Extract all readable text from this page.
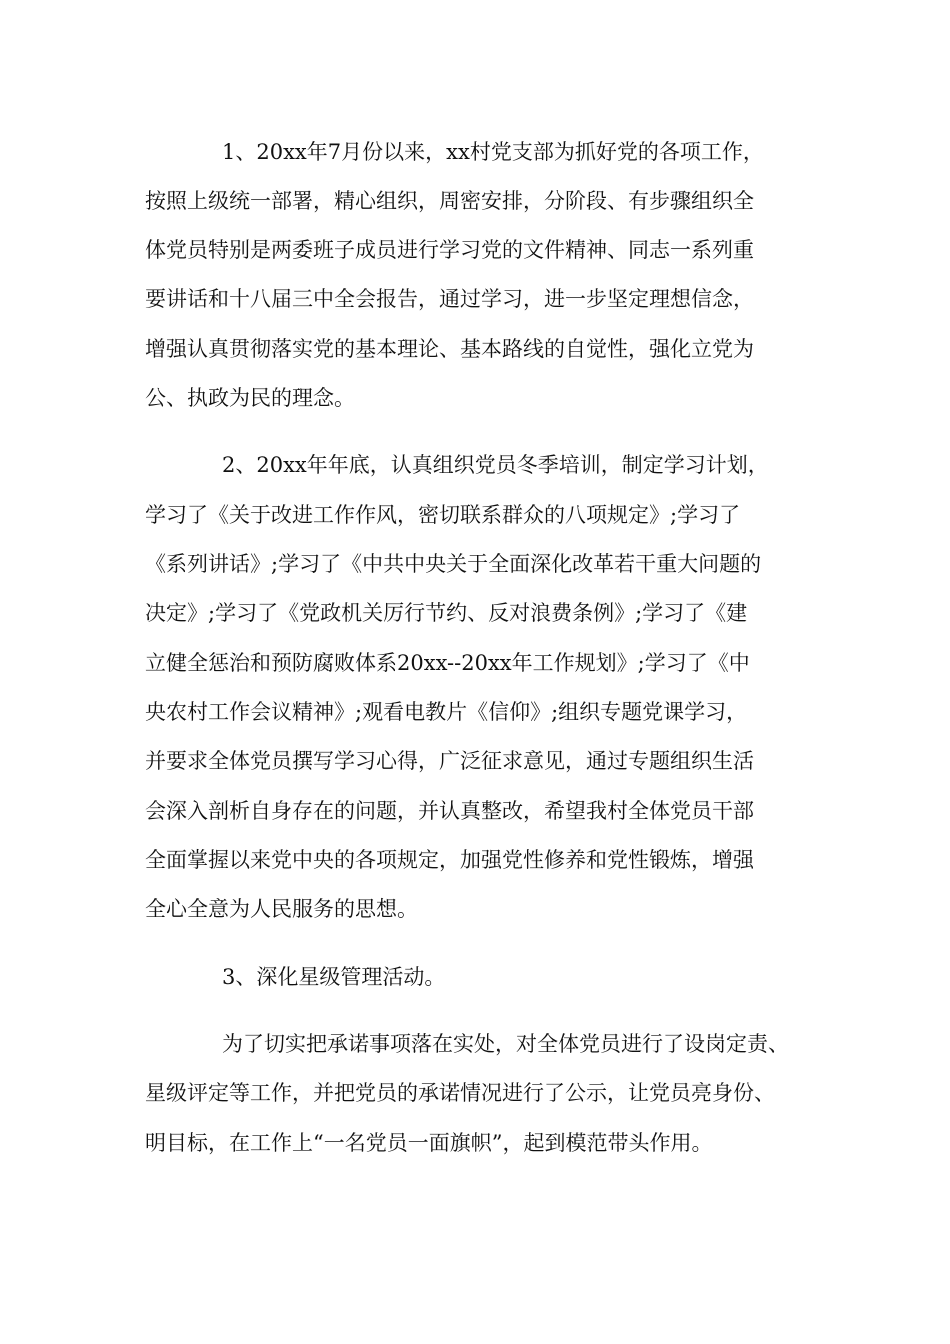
1、20xx年7月份以来，xx村党支部为抓好党的各项工作，

按照上级统一部署，精心组织，周密安排，分阶段、有步骤组织全

体党员特别是两委班子成员进行学习党的文件精神、同志一系列重

要讲话和十八届三中全会报告，通过学习，进一步坚定理想信念，

增强认真贯彻落实党的基本理论、基本路线的自觉性，强化立党为

公、执政为民的理念。

2、20xx年年底，认真组织党员冬季培训，制定学习计划，

学习了《关于改进工作作风，密切联系群众的八项规定》;学习了

《系列讲话》;学习了《中共中央关于全面深化改革若干重大问题的

决定》;学习了《党政机关厉行节约、反对浪费条例》;学习了《建

立健全惩治和预防腐败体系20xx--20xx年工作规划》;学习了《中

央农村工作会议精神》;观看电教片《信仰》;组织专题党课学习，

并要求全体党员撰写学习心得，广泛征求意见，通过专题组织生活

会深入剖析自身存在的问题，并认真整改，希望我村全体党员干部

全面掌握以来党中央的各项规定，加强党性修养和党性锻炼，增强

全心全意为人民服务的思想。

3、深化星级管理活动。

为了切实把承诺事项落在实处，对全体党员进行了设岗定责、

星级评定等工作，并把党员的承诺情况进行了公示，让党员亮身份、

明目标，在工作上“一名党员一面旗帜”，起到模范带头作用。
